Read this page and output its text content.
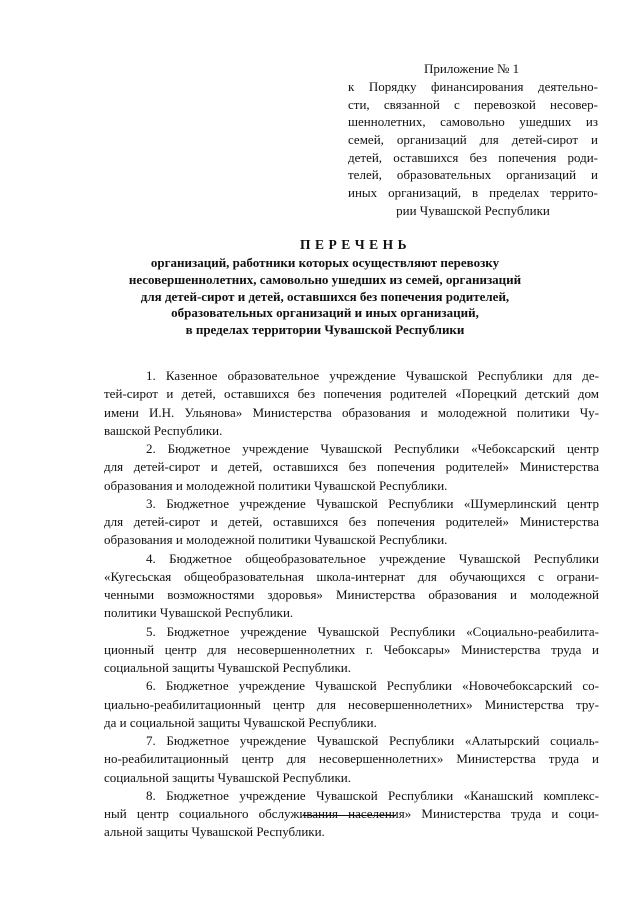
Приложение № 1
к Порядку финансирования деятельно-
сти, связанной с перевозкой несовер-
шеннолетних, самовольно ушедших из
семей, организаций для детей-сирот и
детей, оставшихся без попечения роди-
телей, образовательных организаций и
иных организаций, в пределах террито-
рии Чувашской Республики
ПЕРЕЧЕНЬ
организаций, работники которых осуществляют перевозку
несовершеннолетних, самовольно ушедших из семей, организаций
для детей-сирот и детей, оставшихся без попечения родителей,
образовательных организаций и иных организаций,
в пределах территории Чувашской Республики
1. Казенное образовательное учреждение Чувашской Республики для де-
тей-сирот и детей, оставшихся без попечения родителей «Порецкий детский дом
имени И.Н. Ульянова» Министерства образования и молодежной политики Чу-
вашской Республики.
2. Бюджетное учреждение Чувашской Республики «Чебоксарский центр
для детей-сирот и детей, оставшихся без попечения родителей» Министерства
образования и молодежной политики Чувашской Республики.
3. Бюджетное учреждение Чувашской Республики «Шумерлинский центр
для детей-сирот и детей, оставшихся без попечения родителей» Министерства
образования и молодежной политики Чувашской Республики.
4. Бюджетное общеобразовательное учреждение Чувашской Республики
«Кугесьская общеобразовательная школа-интернат для обучающихся с ограни-
ченными возможностями здоровья» Министерства образования и молодежной
политики Чувашской Республики.
5. Бюджетное учреждение Чувашской Республики «Социально-реабилита-
ционный центр для несовершеннолетних г. Чебоксары» Министерства труда и
социальной защиты Чувашской Республики.
6. Бюджетное учреждение Чувашской Республики «Новочебоксарский со-
циально-реабилитационный центр для несовершеннолетних» Министерства тру-
да и социальной защиты Чувашской Республики.
7. Бюджетное учреждение Чувашской Республики «Алатырский социаль-
но-реабилитационный центр для несовершеннолетних» Министерства труда и
социальной защиты Чувашской Республики.
8. Бюджетное учреждение Чувашской Республики «Канашский комплекс-
ный центр социального обслуживания населения» Министерства труда и соци-
альной защиты Чувашской Республики.
